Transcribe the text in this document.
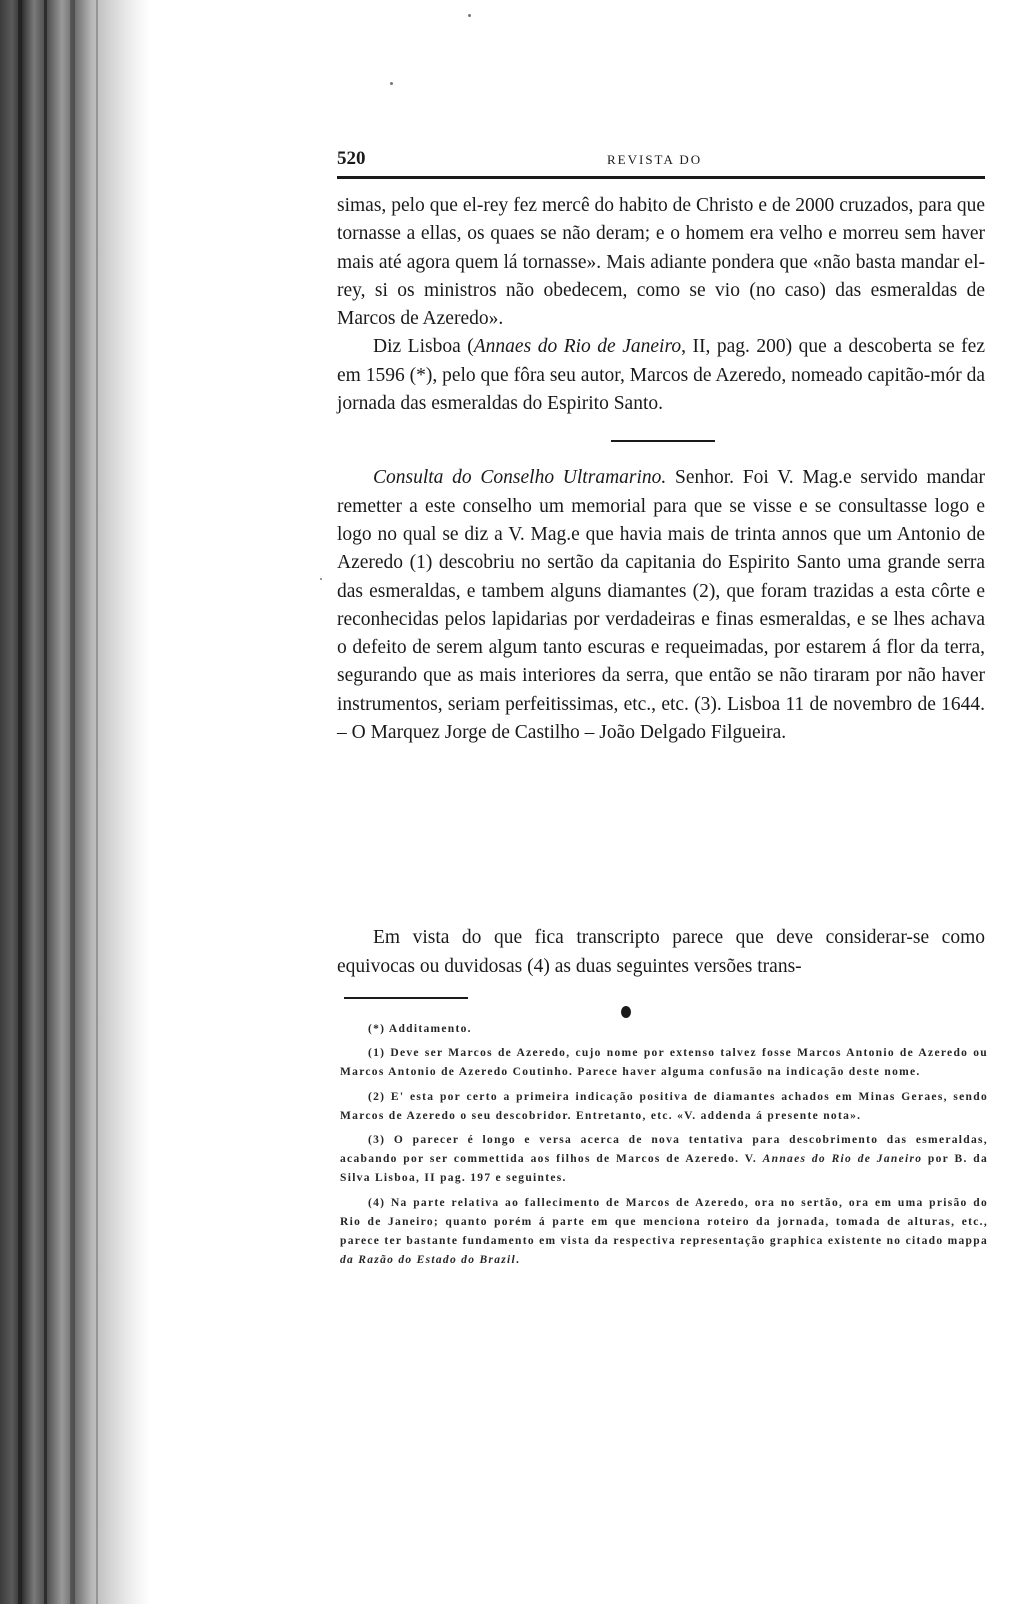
520	REVISTA DO

simas, pelo que el-rey fez mercê do habito de Christo e de 2000 cruzados, para que tornasse a ellas, os quaes se não deram; e o homem era velho e morreu sem haver mais até agora quem lá tornasse». Mais adiante pondera que «não basta mandar el-rey, si os ministros não obedecem, como se vio (no caso) das esmeraldas de Marcos de Azeredo».

Diz Lisboa (Annaes do Rio de Janeiro, II, pag. 200) que a descoberta se fez em 1596 (*), pelo que fôra seu autor, Marcos de Azeredo, nomeado capitão-mór da jornada das esmeraldas do Espirito Santo.

Consulta do Conselho Ultramarino. Senhor. Foi V. Mag.e servido mandar remetter a este conselho um memorial para que se visse e se consultasse logo e logo no qual se diz a V. Mag.e que havia mais de trinta annos que um Antonio de Azeredo (1) descobriu no sertão da capitania do Espirito Santo uma grande serra das esmeraldas, e tambem alguns diamantes (2), que foram trazidas a esta côrte e reconhecidas pelos lapidarias por verdadeiras e finas esmeraldas, e se lhes achava o defeito de serem algum tanto escuras e requeimadas, por estarem á flor da terra, segurando que as mais interiores da serra, que então se não tiraram por não haver instrumentos, seriam perfeitissimas, etc., etc. (3). Lisboa 11 de novembro de 1644. – O Marquez Jorge de Castilho – João Delgado Filgueira.

Em vista do que fica transcripto parece que deve considerar-se como equivocas ou duvidosas (4) as duas seguintes versões trans-

(*) Additamento.

(1) Deve ser Marcos de Azeredo, cujo nome por extenso talvez fosse Marcos Antonio de Azeredo ou Marcos Antonio de Azeredo Coutinho. Parece haver alguma confusão na indicação deste nome.

(2) E' esta por certo a primeira indicação positiva de diamantes achados em Minas Geraes, sendo Marcos de Azeredo o seu descobridor. Entretanto, etc. «V. addenda á presente nota».

(3) O parecer é longo e versa acerca de nova tentativa para descobrimento das esmeraldas, acabando por ser commettida aos filhos de Marcos de Azeredo. V. Annaes do Rio de Janeiro por B. da Silva Lisboa, II pag. 197 e seguintes.

(4) Na parte relativa ao fallecimento de Marcos de Azeredo, ora no sertão, ora em uma prisão do Rio de Janeiro; quanto porém á parte em que menciona roteiro da jornada, tomada de alturas, etc., parece ter bastante fundamento em vista da respectiva representação graphica existente no citado mappa da Razão do Estado do Brazil.
